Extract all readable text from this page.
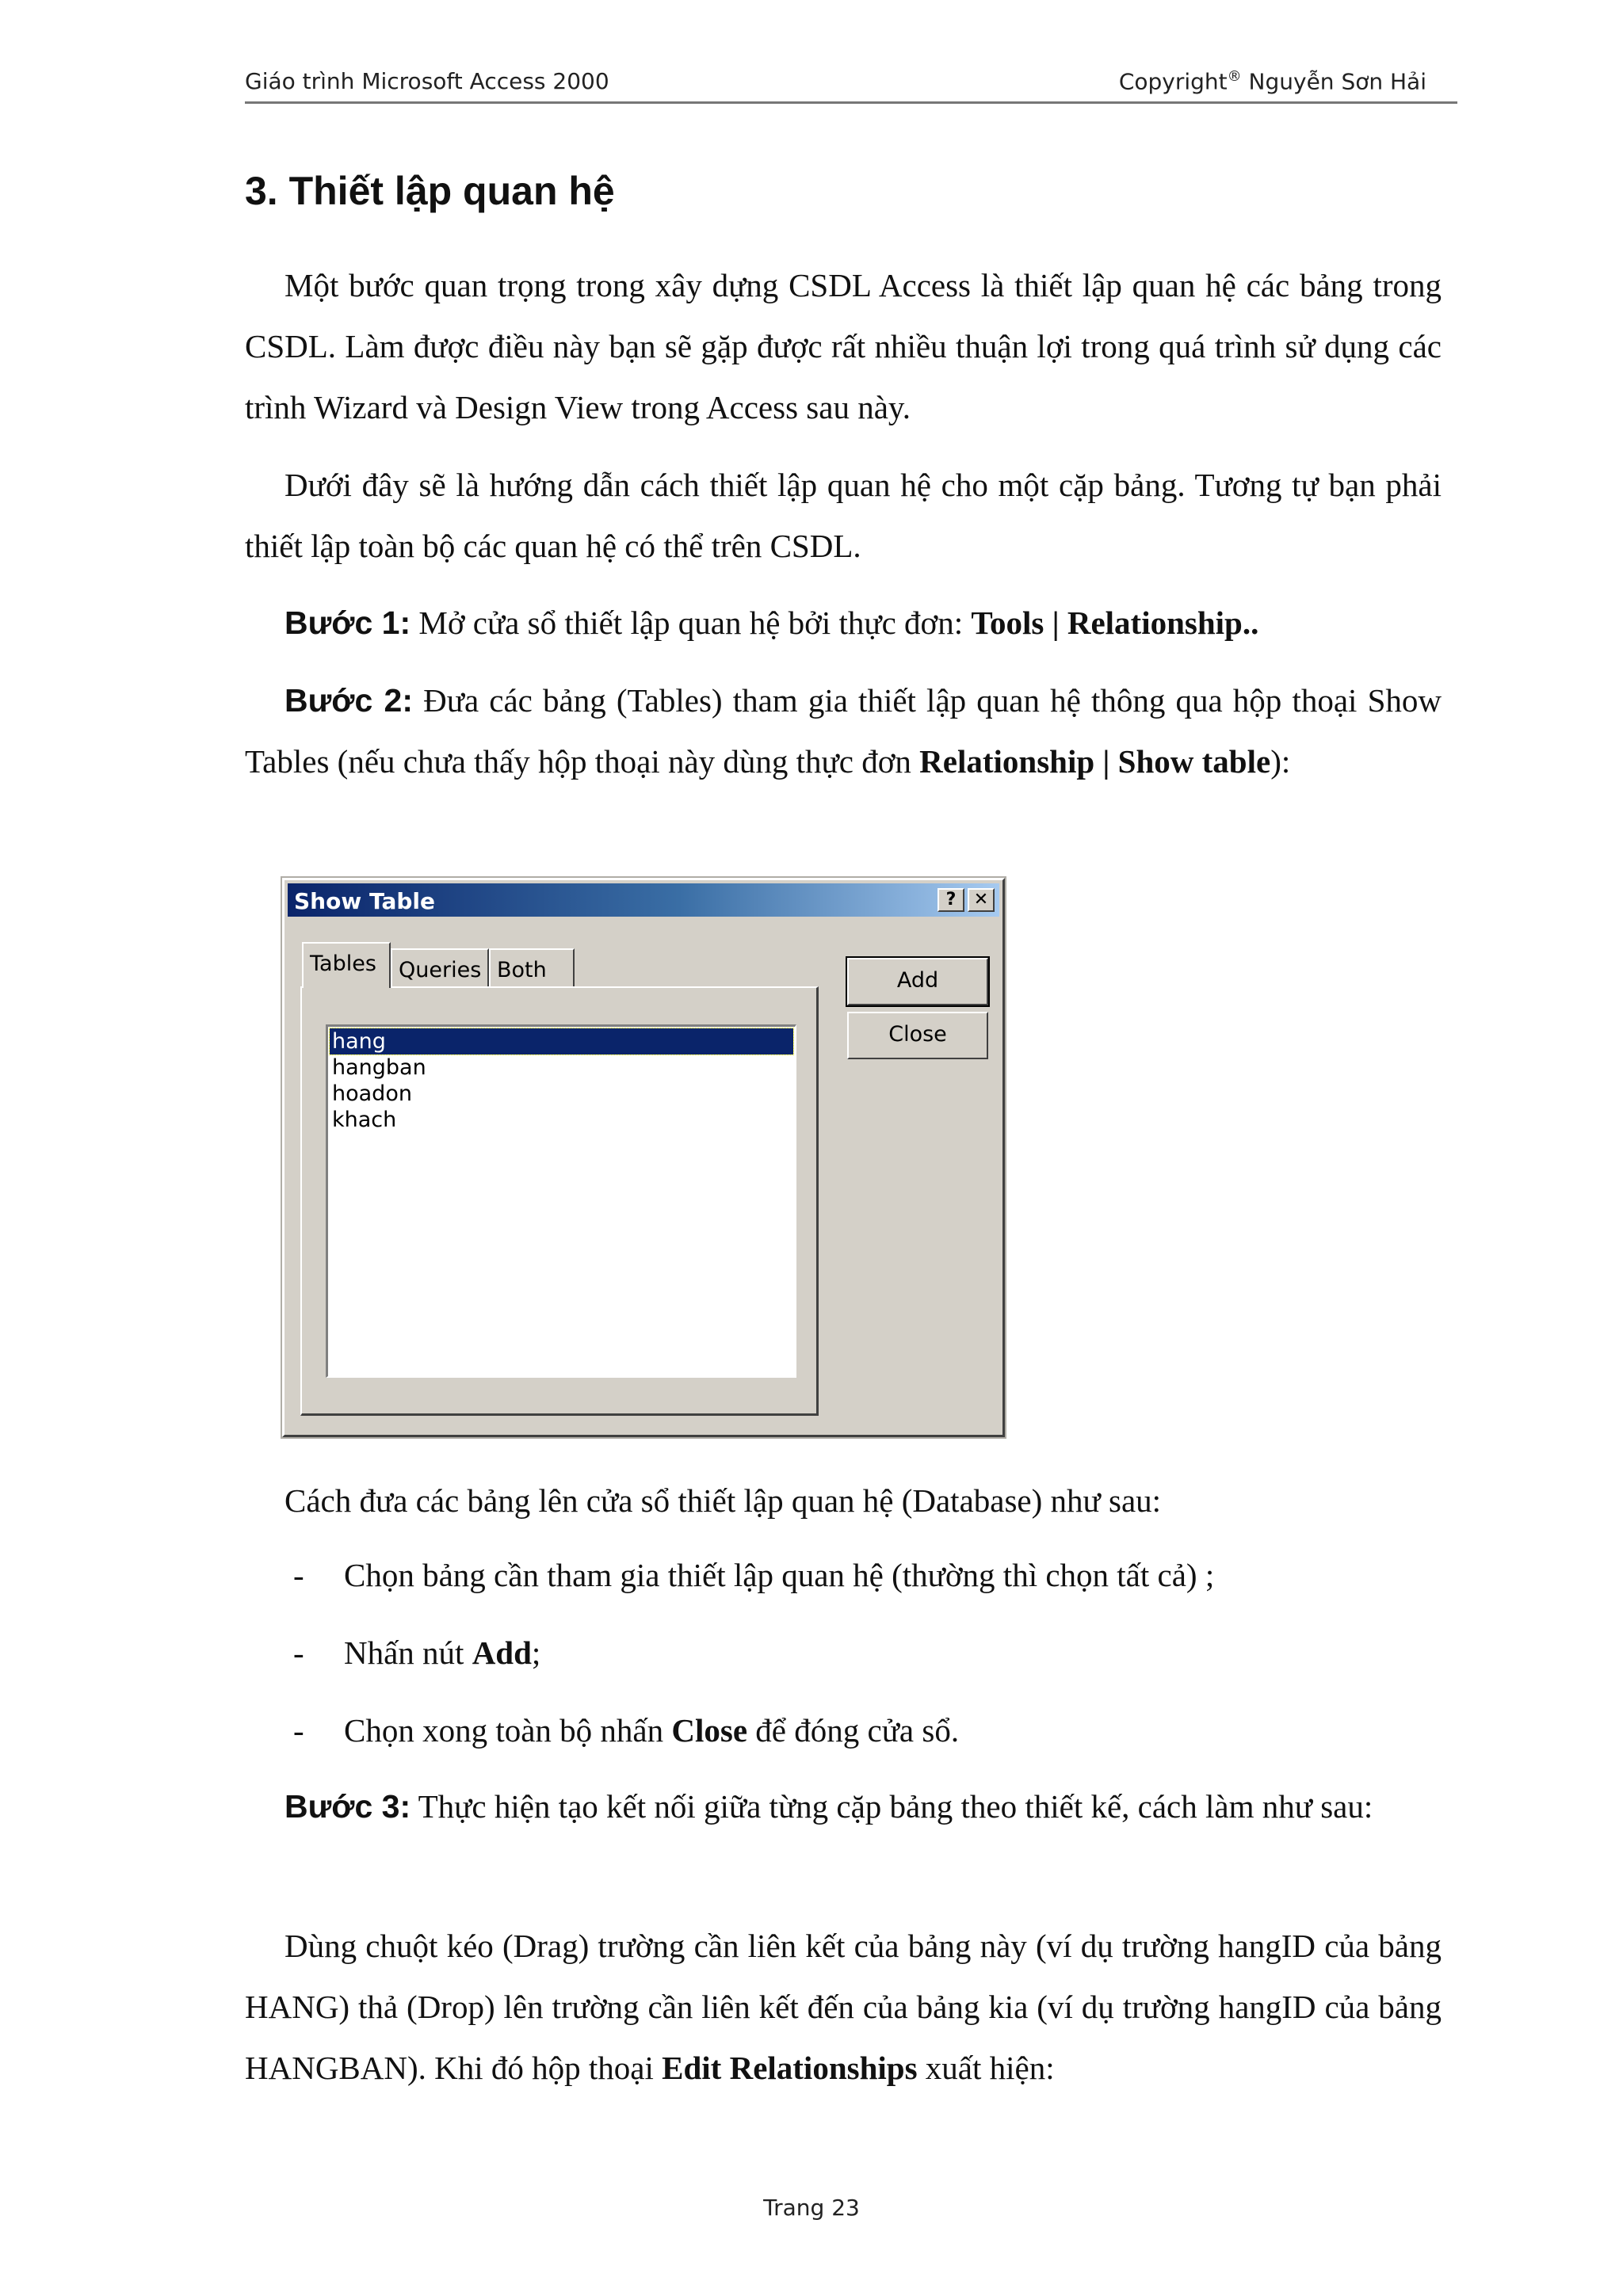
Giáo trình Microsoft Access 2000	Copyright® Nguyễn Sơn Hải
3. Thiết lập quan hệ
Một bước quan trọng trong xây dựng CSDL Access là thiết lập quan hệ các bảng trong CSDL. Làm được điều này bạn sẽ gặp được rất nhiều thuận lợi trong quá trình sử dụng các trình Wizard và Design View trong Access sau này.
Dưới đây sẽ là hướng dẫn cách thiết lập quan hệ cho một cặp bảng. Tương tự bạn phải thiết lập toàn bộ các quan hệ có thể trên CSDL.
Bước 1: Mở cửa sổ thiết lập quan hệ bởi thực đơn: Tools | Relationship..
Bước 2: Đưa các bảng (Tables) tham gia thiết lập quan hệ thông qua hộp thoại Show Tables (nếu chưa thấy hộp thoại này dùng thực đơn Relationship | Show table):
Show Table	?	✕
Tables	Queries Both
hang
hangban
hoadon
khach
Add
Close
Cách đưa các bảng lên cửa sổ thiết lập quan hệ (Database) như sau:
- Chọn bảng cần tham gia thiết lập quan hệ (thường thì chọn tất cả) ;
- Nhấn nút Add;
- Chọn xong toàn bộ nhấn Close để đóng cửa sổ.
Bước 3: Thực hiện tạo kết nối giữa từng cặp bảng theo thiết kế, cách làm như sau:
Dùng chuột kéo (Drag) trường cần liên kết của bảng này (ví dụ trường hangID của bảng HANG) thả (Drop) lên trường cần liên kết đến của bảng kia (ví dụ trường hangID của bảng HANGBAN). Khi đó hộp thoại Edit Relationships xuất hiện:
Trang 23
